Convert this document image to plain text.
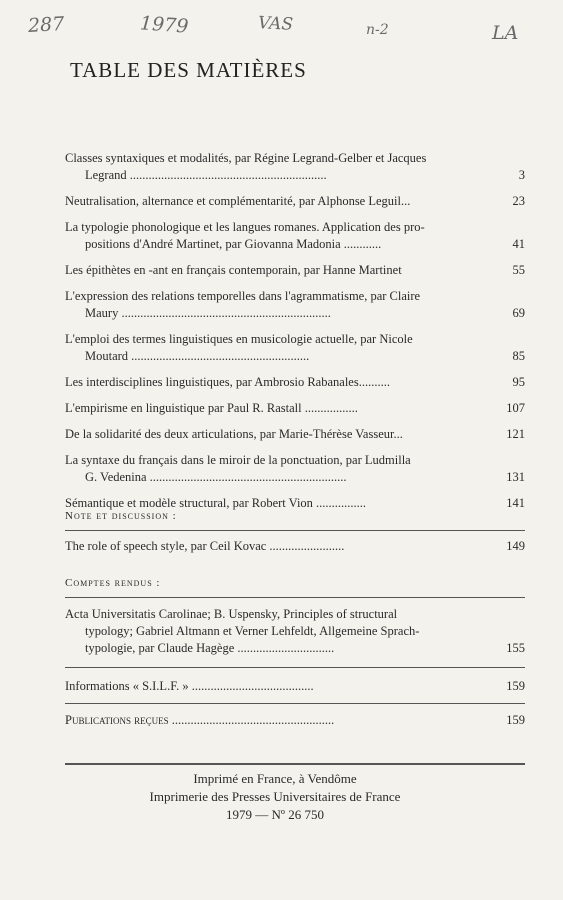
287	1979	VAS	n-2	LA
TABLE DES MATIÈRES
Classes syntaxiques et modalités, par Régine Legrand-Gelber et Jacques
Legrand ...............................................................	3
Neutralisation, alternance et complémentarité, par Alphonse Leguil...	23
La typologie phonologique et les langues romanes. Application des pro-
positions d'André Martinet, par Giovanna Madonia ............	41
Les épithètes en -ant en français contemporain, par Hanne Martinet	55
L'expression des relations temporelles dans l'agrammatisme, par Claire
Maury ...................................................................	69
L'emploi des termes linguistiques en musicologie actuelle, par Nicole
Moutard .........................................................	85
Les interdisciplines linguistiques, par Ambrosio Rabanales..........	95
L'empirisme en linguistique par Paul R. Rastall .................	107
De la solidarité des deux articulations, par Marie-Thérèse Vasseur...	121
La syntaxe du français dans le miroir de la ponctuation, par Ludmilla
G. Vedenina ...............................................................	131
Sémantique et modèle structural, par Robert Vion ................	141
Note et discussion :
The role of speech style, par Ceil Kovac ........................	149
Comptes rendus :
Acta Universitatis Carolinae; B. Uspensky, Principles of structural
typology; Gabriel Altmann et Verner Lehfeldt, Allgemeine Sprach-
typologie, par Claude Hagège ...............................	155
Informations « S.I.L.F. » .......................................	159
Publications reçues ....................................................	159
Imprimé en France, à Vendôme
Imprimerie des Presses Universitaires de France
1979 — Nº 26 750
